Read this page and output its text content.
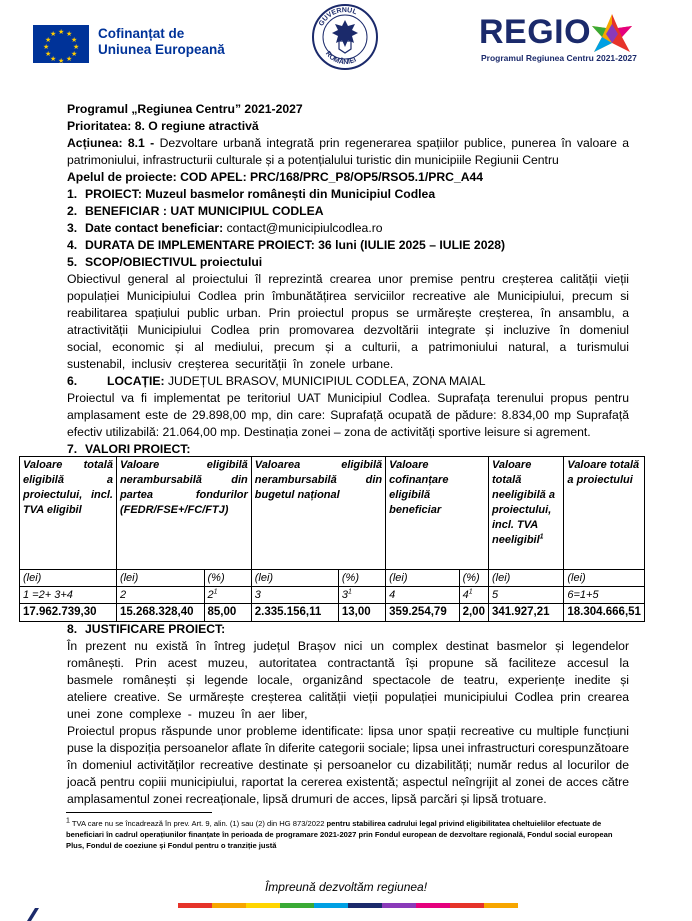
★ ★
★
★
★
★
★
★
★
★
★
★	Cofinanțat de
Uniunea Europeană
GUVERNUL
ROMÂNIEI
REGIO
Programul Regiunea Centru 2021-2027

Programul „Regiunea Centru” 2021-2027

Prioritatea: 8. O regiune atractivă

Acțiunea: 8.1 - Dezvoltare urbană integrată prin regenerarea spațiilor publice, punerea în valoare a patrimoniului, infrastructurii culturale și a potențialului turistic din municipiile Regiunii Centru

Apelul de proiecte: COD APEL: PRC/168/PRC_P8/OP5/RSO5.1/PRC_A44

1. PROIECT: Muzeul basmelor românești din Municipiul Codlea

2. BENEFICIAR : UAT MUNICIPIUL CODLEA

3. Date contact beneficiar: contact@municipiulcodlea.ro

4. DURATA DE IMPLEMENTARE PROIECT: 36 luni (IULIE 2025 – IULIE 2028)

5. SCOP/OBIECTIVUL proiectului

Obiectivul general al proiectului îl reprezintă crearea unor premise pentru creșterea calității vieții populației Municipiului Codlea prin îmbunătățirea serviciilor recreative ale Municipiului, precum si reabilitarea spațiului public urban. Prin proiectul propus se urmărește creșterea, în ansamblu, a atractivității Municipiului Codlea prin promovarea dezvoltării integrate și incluzive în domeniul social, economic și al mediului, precum și a culturii, a patrimoniului natural, a turismului sustenabil, inclusiv creșterea securității în zonele urbane.

6. LOCAȚIE: JUDEȚUL BRASOV, MUNICIPIUL CODLEA, ZONA MAIAL

Proiectul va fi implementat pe teritoriul UAT Municipiul Codlea. Suprafața terenului propus pentru amplasament este de 29.898,00 mp, din care: Suprafață ocupată de pădure: 8.834,00 mp Suprafață efectiv utilizabilă: 21.064,00 mp. Destinația zonei – zona de activități sportive leisure si agrement.

7. VALORI PROIECT:

Valoare totală eligibilă a proiectului, incl. TVA eligibil	Valoare eligibilă nerambursabilă din partea fondurilor (FEDR/FSE+/FC/FTJ)		Valoarea eligibilă nerambursabilă din bugetul național		Valoare cofinanțare eligibilă beneficiar		Valoare totală neeligibilă a proiectului, incl. TVA neeligibil$^1$	Valoare totală a proiectului
(lei)	(lei)	(%)	(lei)	(%)	(lei)	(%)	(lei)	(lei)
1 =2+ 3+4	2	$2^1$	3	$3^1$	4	$4^1$	5	6=1+5
17.962.739,30	15.268.328,40	85,00	2.335.156,11	13,00	359.254,79	2,00	341.927,21	18.304.666,51

8. JUSTIFICARE PROIECT:

În prezent nu există în întreg județul Brașov nici un complex destinat basmelor și legendelor românești. Prin acest muzeu, autoritatea contractantă își propune să faciliteze accesul la basmele românești și legende locale, organizând spectacole de teatru, experiențe inedite și ateliere creative. Se urmărește creșterea calității vieții populației municipiului Codlea prin crearea unei zone complexe - muzeu în aer liber,

Proiectul propus răspunde unor probleme identificate: lipsa unor spații recreative cu multiple funcțiuni puse la dispoziția persoanelor aflate în diferite categorii sociale; lipsa unei infrastructuri corespunzătoare în domeniul activităților recreative destinate și persoanelor cu dizabilități; număr redus al locurilor de joacă pentru copiii municipiului, raportat la cererea existentă; aspectul neîngrijit al zonei de acces către amplasamentul zonei recreaționale, lipsă drumuri de acces, lipsă parcări și lipsă trotuare.

1 TVA care nu se încadrează în prev. Art. 9, alin. (1) sau (2) din HG 873/2022 pentru stabilirea cadrului legal privind eligibilitatea cheltuielilor efectuate de beneficiari în cadrul operațiunilor finanțate în perioada de programare 2021-2027 prin Fondul european de dezvoltare regională, Fondul social european Plus, Fondul de coeziune și Fondul pentru o tranziție justă
Împreună dezvoltăm regiunea!
